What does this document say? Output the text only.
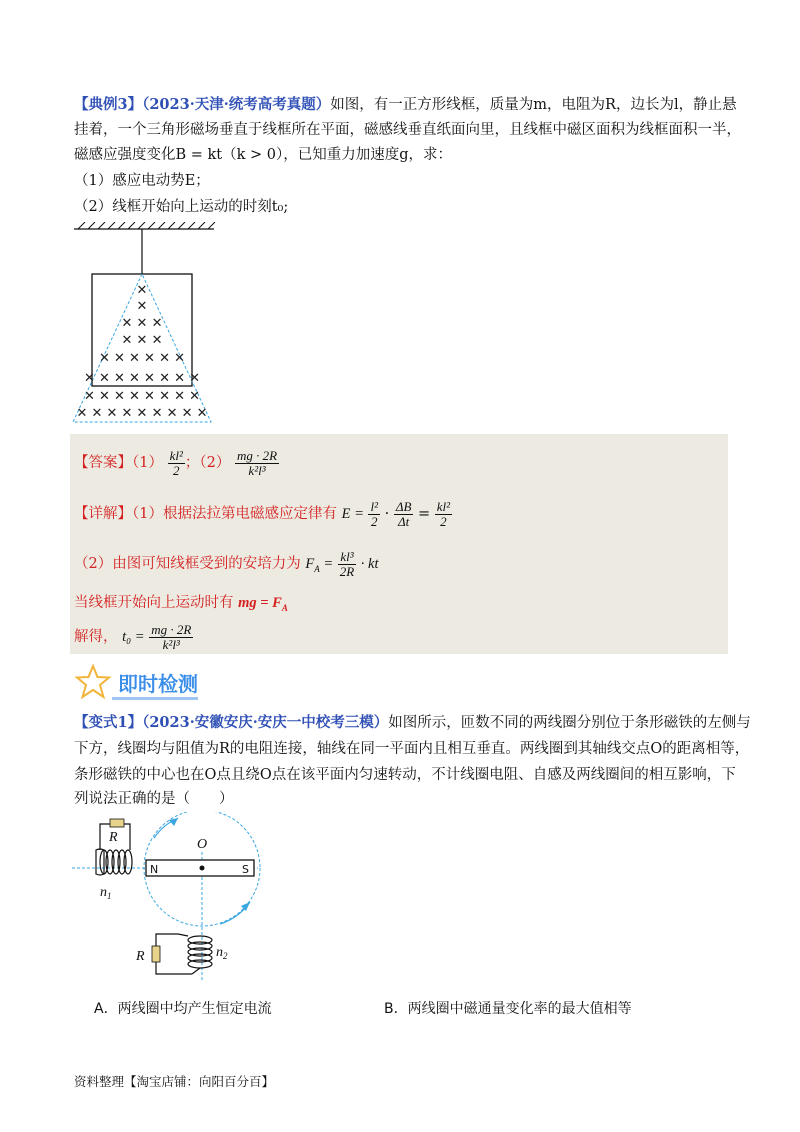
【典例3】（2023·天津·统考高考真题）如图，有一正方形线框，质量为m，电阻为R，边长为l，静止悬
挂着，一个三角形磁场垂直于线框所在平面，磁感线垂直纸面向里，且线框中磁区面积为线框面积一半，
磁感应强度变化B = kt（k > 0），已知重力加速度g，求：
（1）感应电动势E；
（2）线框开始向上运动的时刻t₀;
✕
✕
✕ ✕ ✕
✕ ✕ ✕
✕ ✕ ✕ ✕ ✕ ✕
✕ ✕ ✕ ✕ ✕ ✕ ✕ ✕
✕ ✕ ✕ ✕ ✕ ✕ ✕ ✕
✕ ✕ ✕ ✕ ✕ ✕ ✕ ✕ ✕
【答案】$(1) \frac{\text{kl²}}{2}$ ；$(2) \frac{mg \cdot 2R}{\text{k²l³}}$
【详解】（1）根据法拉第电磁感应定律有 $E = \frac{\text{l²}}{2} \cdot \frac{\Delta B}{\Delta t} = \frac{\text{kl²}}{2}$
（2）由图可知线框受到的安培力为 $F_A = \frac{\text{kl³}}{2R}$ · kt
当线框开始向上运动时有 mg = $F_A$
解得， $t_0 = \frac{mg \cdot 2R}{\text{k²l³}}$
即时检测
【变式1】（2023·安徽安庆·安庆一中校考三模）如图所示，匝数不同的两线圈分别位于条形磁铁的左侧与
下方，线圈均与阻值为R的电阻连接，轴线在同一平面内且相互垂直。两线圈到其轴线交点O的距离相等，
条形磁铁的中心也在O点且绕O点在该平面内匀速转动，不计线圈电阻、自感及两线圈间的相互影响，下
列说法正确的是（　　）
R
$n_1$
O
R	$n_2$
N	S
A．两线圈中均产生恒定电流	B．两线圈中磁通量变化率的最大值相等
资料整理【淘宝店铺：向阳百分百】
